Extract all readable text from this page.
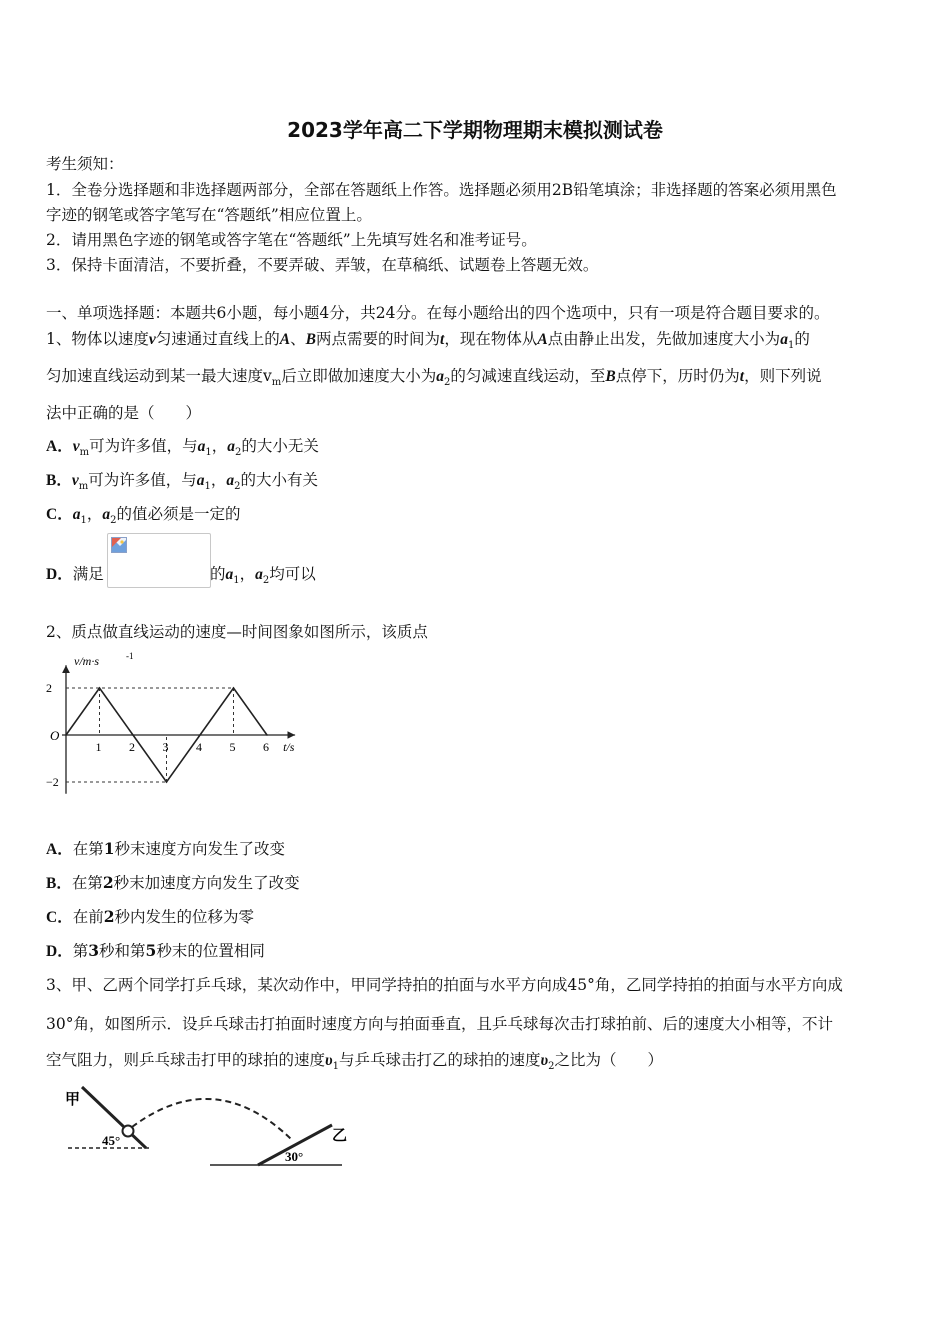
2023学年高二下学期物理期末模拟测试卷
考生须知：
1．全卷分选择题和非选择题两部分，全部在答题纸上作答。选择题必须用2B铅笔填涂；非选择题的答案必须用黑色
字迹的钢笔或答字笔写在“答题纸”相应位置上。
2．请用黑色字迹的钢笔或答字笔在“答题纸”上先填写姓名和准考证号。
3．保持卡面清洁，不要折叠，不要弄破、弄皱，在草稿纸、试题卷上答题无效。
一、单项选择题：本题共6小题，每小题4分，共24分。在每小题给出的四个选项中，只有一项是符合题目要求的。
1、物体以速度v匀速通过直线上的A、B两点需要的时间为t，现在物体从A点由静止出发，先做加速度大小为$a_1$的
匀加速直线运动到某一最大速度$v_m$后立即做加速度大小为$a_2$的匀减速直线运动，至B点停下，历时仍为t，则下列说
法中正确的是（　　）
A．$v_m$可为许多值，与$a_1$，$a_2$的大小无关
B．$v_m$可为许多值，与$a_1$，$a_2$的大小有关
C．$a_1$，$a_2$的值必须是一定的
D．满足	的$a_1$，$a_2$均可以
2、质点做直线运动的速度—时间图象如图所示，该质点
O
1 2 3 4 5 6
2
−2
t/s
v/m·s	-1
A．在第1秒末速度方向发生了改变
B．在第2秒末加速度方向发生了改变
C．在前2秒内发生的位移为零
D．第3秒和第5秒末的位置相同
3、甲、乙两个同学打乒乓球，某次动作中，甲同学持拍的拍面与水平方向成45°角，乙同学持拍的拍面与水平方向成
30°角，如图所示．设乒乓球击打拍面时速度方向与拍面垂直，且乒乓球每次击打球拍前、后的速度大小相等，不计
空气阻力，则乒乓球击打甲的球拍的速度$\upsilon_1$与乒乓球击打乙的球拍的速度$\upsilon_2$之比为（　　）
甲
45°
30°
乙
